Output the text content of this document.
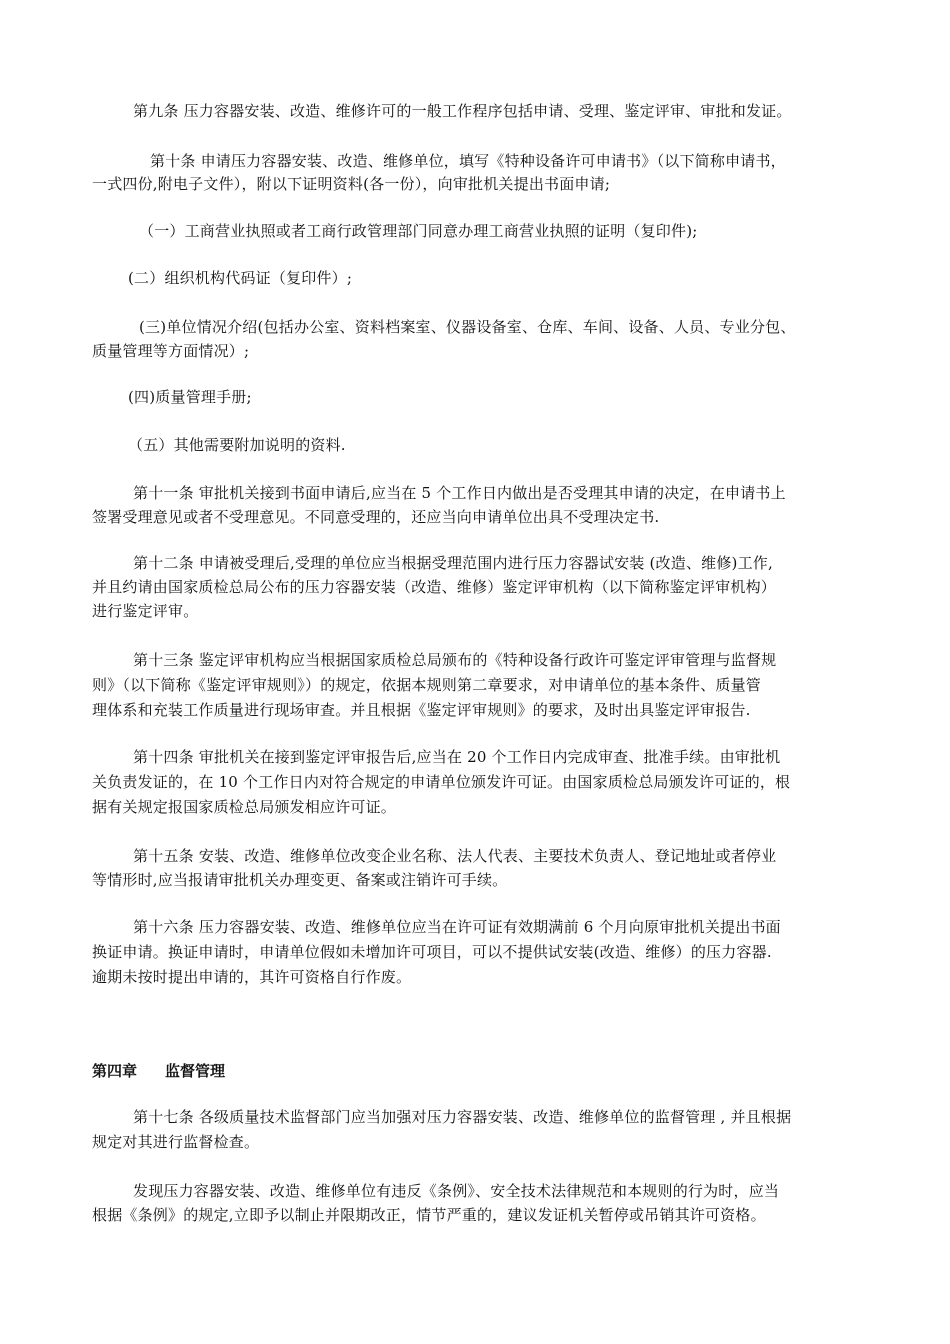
第九条 压力容器安装、改造、维修许可的一般工作程序包括申请、受理、鉴定评审、审批和发证。
第十条 申请压力容器安装、改造、维修单位，填写《特种设备许可申请书》（以下简称申请书，
一式四份,附电子文件），附以下证明资料(各一份），向审批机关提出书面申请;
（一）工商营业执照或者工商行政管理部门同意办理工商营业执照的证明（复印件);
(二）组织机构代码证（复印件）;
(三)单位情况介绍(包括办公室、资料档案室、仪器设备室、仓库、车间、设备、人员、专业分包、
质量管理等方面情况）;
(四)质量管理手册;
（五）其他需要附加说明的资料.
第十一条 审批机关接到书面申请后,应当在 5 个工作日内做出是否受理其申请的决定，在申请书上
签署受理意见或者不受理意见。不同意受理的，还应当向申请单位出具不受理决定书.
第十二条 申请被受理后,受理的单位应当根据受理范围内进行压力容器试安装 (改造、维修)工作,
并且约请由国家质检总局公布的压力容器安装（改造、维修）鉴定评审机构（以下简称鉴定评审机构）
进行鉴定评审。
第十三条 鉴定评审机构应当根据国家质检总局颁布的《特种设备行政许可鉴定评审管理与监督规
则》（以下简称《鉴定评审规则》）的规定，依据本规则第二章要求，对申请单位的基本条件、质量管
理体系和充装工作质量进行现场审查。并且根据《鉴定评审规则》的要求，及时出具鉴定评审报告.
第十四条 审批机关在接到鉴定评审报告后,应当在 20 个工作日内完成审查、批准手续。由审批机
关负责发证的，在 10 个工作日内对符合规定的申请单位颁发许可证。由国家质检总局颁发许可证的，根
据有关规定报国家质检总局颁发相应许可证。
第十五条 安装、改造、维修单位改变企业名称、法人代表、主要技术负责人、登记地址或者停业
等情形时,应当报请审批机关办理变更、备案或注销许可手续。
第十六条 压力容器安装、改造、维修单位应当在许可证有效期满前 6 个月向原审批机关提出书面
换证申请。换证申请时，申请单位假如未增加许可项目，可以不提供试安装(改造、维修）的压力容器.
逾期未按时提出申请的，其许可资格自行作废。
第四章 监督管理
第十七条 各级质量技术监督部门应当加强对压力容器安装、改造、维修单位的监督管理 , 并且根据
规定对其进行监督检查。
发现压力容器安装、改造、维修单位有违反《条例》、安全技术法律规范和本规则的行为时，应当
根据《条例》的规定,立即予以制止并限期改正，情节严重的，建议发证机关暂停或吊销其许可资格。
